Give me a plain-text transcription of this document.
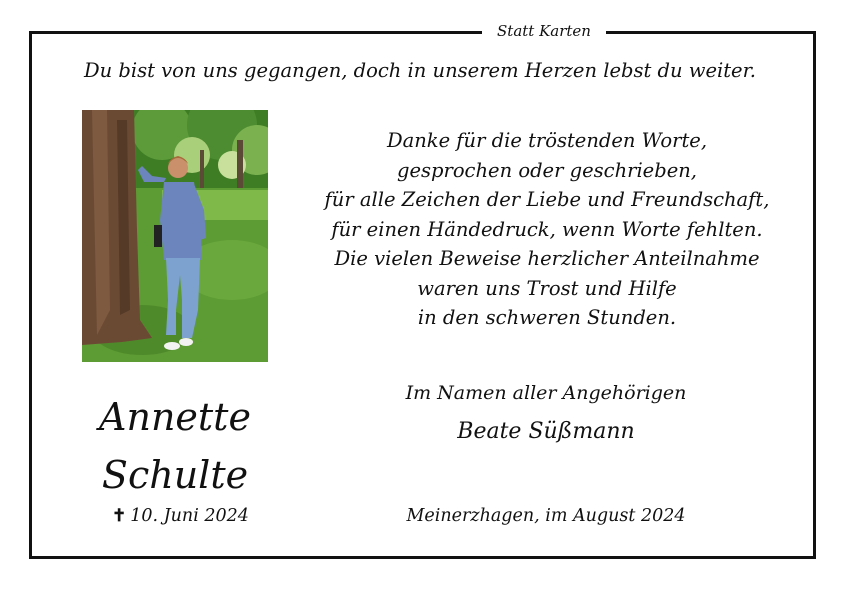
Statt Karten
Du bist von uns gegangen, doch in unserem Herzen lebst du weiter.
Annette
Schulte
✝ 10. Juni 2024
Danke für die tröstenden Worte,
gesprochen oder geschrieben,
für alle Zeichen der Liebe und Freundschaft,
für einen Händedruck, wenn Worte fehlten.
Die vielen Beweise herzlicher Anteilnahme
waren uns Trost und Hilfe
in den schweren Stunden.
Im Namen aller Angehörigen
Beate Süßmann
Meinerzhagen, im August 2024
